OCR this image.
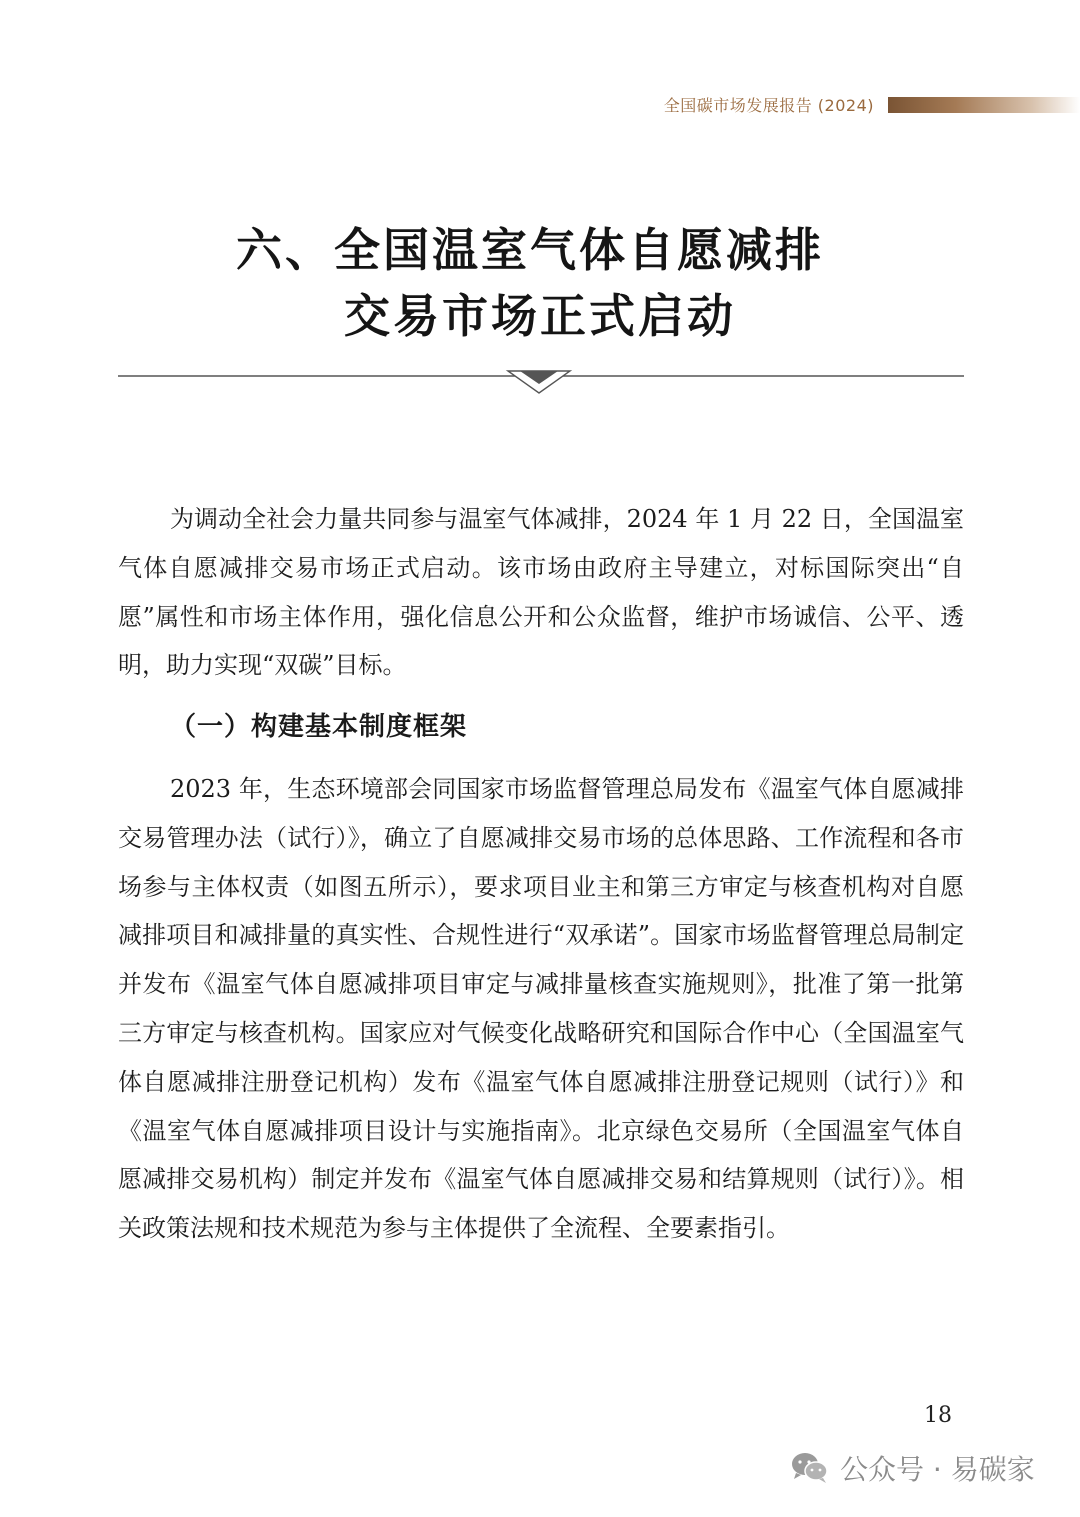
全国碳市场发展报告 (2024)
六、全国温室气体自愿减排
交易市场正式启动

为调动全社会力量共同参与温室气体减排，2024 年 1 月 22 日，全国温室气体自愿减排交易市场正式启动。该市场由政府主导建立，对标国际突出“自愿”属性和市场主体作用，强化信息公开和公众监督，维护市场诚信、公平、透明，助力实现“双碳”目标。

（一）构建基本制度框架

2023 年，生态环境部会同国家市场监督管理总局发布《温室气体自愿减排交易管理办法（试行）》，确立了自愿减排交易市场的总体思路、工作流程和各市场参与主体权责（如图五所示），要求项目业主和第三方审定与核查机构对自愿减排项目和减排量的真实性、合规性进行“双承诺”。国家市场监督管理总局制定并发布《温室气体自愿减排项目审定与减排量核查实施规则》，批准了第一批第三方审定与核查机构。国家应对气候变化战略研究和国际合作中心（全国温室气体自愿减排注册登记机构）发布《温室气体自愿减排注册登记规则（试行）》和《温室气体自愿减排项目设计与实施指南》。北京绿色交易所（全国温室气体自愿减排交易机构）制定并发布《温室气体自愿减排交易和结算规则（试行）》。相关政策法规和技术规范为参与主体提供了全流程、全要素指引。

18
公众号 · 易碳家
